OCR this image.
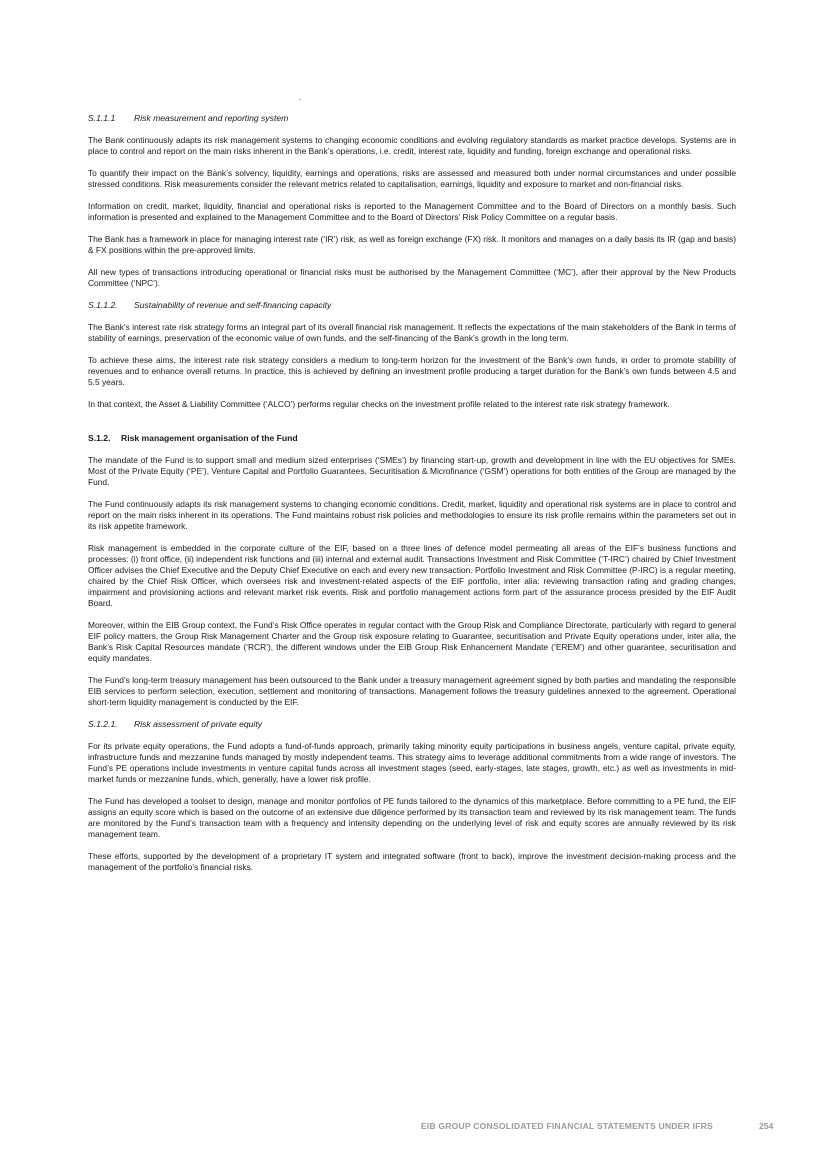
.
S.1.1.1 Risk measurement and reporting system

The Bank continuously adapts its risk management systems to changing economic conditions and evolving regulatory standards as market practice develops. Systems are in place to control and report on the main risks inherent in the Bank’s operations, i.e. credit, interest rate, liquidity and funding, foreign exchange and operational risks.

To quantify their impact on the Bank’s solvency, liquidity, earnings and operations, risks are assessed and measured both under normal circumstances and under possible stressed conditions. Risk measurements consider the relevant metrics related to capitalisation, earnings, liquidity and exposure to market and non-financial risks.

Information on credit, market, liquidity, financial and operational risks is reported to the Management Committee and to the Board of Directors on a monthly basis. Such information is presented and explained to the Management Committee and to the Board of Directors’ Risk Policy Committee on a regular basis.

The Bank has a framework in place for managing interest rate (‘IR’) risk, as well as foreign exchange (FX) risk. It monitors and manages on a daily basis its IR (gap and basis) & FX positions within the pre-approved limits.

All new types of transactions introducing operational or financial risks must be authorised by the Management Committee (‘MC’), after their approval by the New Products Committee (‘NPC’).

S.1.1.2. Sustainability of revenue and self-financing capacity

The Bank’s interest rate risk strategy forms an integral part of its overall financial risk management. It reflects the expectations of the main stakeholders of the Bank in terms of stability of earnings, preservation of the economic value of own funds, and the self-financing of the Bank’s growth in the long term.

To achieve these aims, the interest rate risk strategy considers a medium to long-term horizon for the investment of the Bank’s own funds, in order to promote stability of revenues and to enhance overall returns. In practice, this is achieved by defining an investment profile producing a target duration for the Bank’s own funds between 4.5 and 5.5 years.

In that context, the Asset & Liability Committee (‘ALCO’) performs regular checks on the investment profile related to the interest rate risk strategy framework.

S.1.2. Risk management organisation of the Fund

The mandate of the Fund is to support small and medium sized enterprises (‘SMEs’) by financing start-up, growth and development in line with the EU objectives for SMEs. Most of the Private Equity (‘PE’), Venture Capital and Portfolio Guarantees, Securitisation & Microfinance (‘GSM’) operations for both entities of the Group are managed by the Fund.

The Fund continuously adapts its risk management systems to changing economic conditions. Credit, market, liquidity and operational risk systems are in place to control and report on the main risks inherent in its operations. The Fund maintains robust risk policies and methodologies to ensure its risk profile remains within the parameters set out in its risk appetite framework.

Risk management is embedded in the corporate culture of the EIF, based on a three lines of defence model permeating all areas of the EIF’s business functions and processes: (i) front office, (ii) independent risk functions and (iii) internal and external audit. Transactions Investment and Risk Committee (‘T-IRC’) chaired by Chief Investment Officer advises the Chief Executive and the Deputy Chief Executive on each and every new transaction. Portfolio Investment and Risk Committee (P-IRC) is a regular meeting, chaired by the Chief Risk Officer, which oversees risk and investment-related aspects of the EIF portfolio, inter alia: reviewing transaction rating and grading changes, impairment and provisioning actions and relevant market risk events. Risk and portfolio management actions form part of the assurance process presided by the EIF Audit Board.

Moreover, within the EIB Group context, the Fund’s Risk Office operates in regular contact with the Group Risk and Compliance Directorate, particularly with regard to general EIF policy matters, the Group Risk Management Charter and the Group risk exposure relating to Guarantee, securitisation and Private Equity operations under, inter alia, the Bank’s Risk Capital Resources mandate (‘RCR’), the different windows under the EIB Group Risk Enhancement Mandate (‘EREM’) and other guarantee, securitisation and equity mandates.

The Fund’s long-term treasury management has been outsourced to the Bank under a treasury management agreement signed by both parties and mandating the responsible EIB services to perform selection, execution, settlement and monitoring of transactions. Management follows the treasury guidelines annexed to the agreement. Operational short-term liquidity management is conducted by the EIF.

S.1.2.1. Risk assessment of private equity

For its private equity operations, the Fund adopts a fund-of-funds approach, primarily taking minority equity participations in business angels, venture capital, private equity, infrastructure funds and mezzanine funds managed by mostly independent teams. This strategy aims to leverage additional commitments from a wide range of investors. The Fund’s PE operations include investments in venture capital funds across all investment stages (seed, early-stages, late stages, growth, etc.) as well as investments in mid-market funds or mezzanine funds, which, generally, have a lower risk profile.

The Fund has developed a toolset to design, manage and monitor portfolios of PE funds tailored to the dynamics of this marketplace. Before committing to a PE fund, the EIF assigns an equity score which is based on the outcome of an extensive due diligence performed by its transaction team and reviewed by its risk management team. The funds are monitored by the Fund’s transaction team with a frequency and intensity depending on the underlying level of risk and equity scores are annually reviewed by its risk management team.

These efforts, supported by the development of a proprietary IT system and integrated software (front to back), improve the investment decision-making process and the management of the portfolio’s financial risks.

EIB GROUP CONSOLIDATED FINANCIAL STATEMENTS UNDER IFRS	254
